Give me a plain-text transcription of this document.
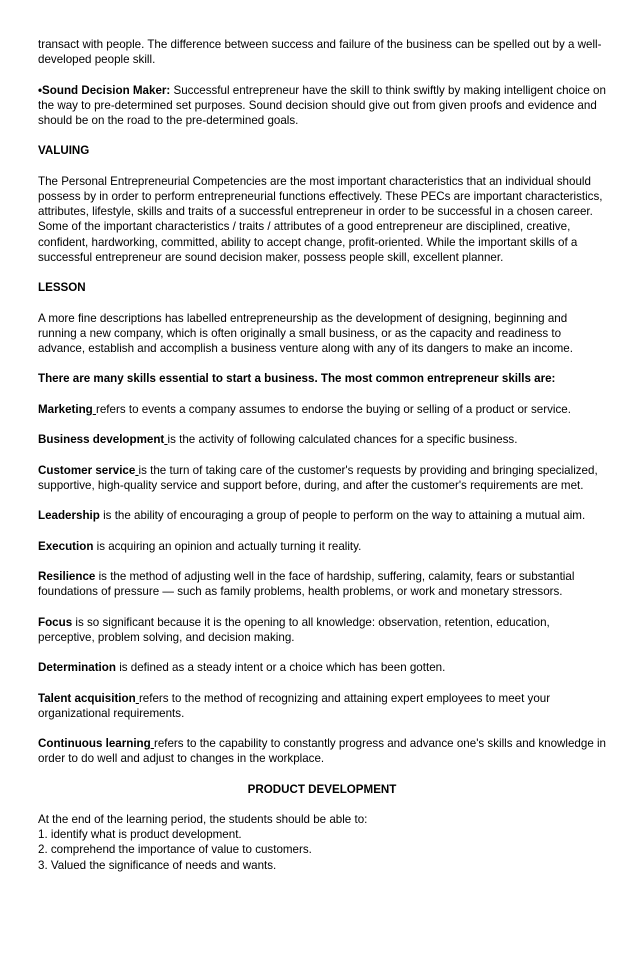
transact with people. The difference between success and failure of the business can be spelled out by a well-developed people skill.

•Sound Decision Maker: Successful entrepreneur have the skill to think swiftly by making intelligent choice on the way to pre-determined set purposes. Sound decision should give out from given proofs and evidence and should be on the road to the pre-determined goals.

VALUING

The Personal Entrepreneurial Competencies are the most important characteristics that an individual should possess by in order to perform entrepreneurial functions effectively. These PECs are important characteristics, attributes, lifestyle, skills and traits of a successful entrepreneur in order to be successful in a chosen career. Some of the important characteristics / traits / attributes of a good entrepreneur are disciplined, creative, confident, hardworking, committed, ability to accept change, profit-oriented. While the important skills of a successful entrepreneur are sound decision maker, possess people skill, excellent planner.

LESSON

A more fine descriptions has labelled entrepreneurship as the development of designing, beginning and running a new company, which is often originally a small business, or as the capacity and readiness to advance, establish and accomplish a business venture along with any of its dangers to make an income.

There are many skills essential to start a business. The most common entrepreneur skills are:

Marketing refers to events a company assumes to endorse the buying or selling of a product or service.

Business development is the activity of following calculated chances for a specific business.

Customer service is the turn of taking care of the customer's requests by providing and bringing specialized, supportive, high-quality service and support before, during, and after the customer's requirements are met.

Leadership is the ability of encouraging a group of people to perform on the way to attaining a mutual aim.

Execution is acquiring an opinion and actually turning it reality.

Resilience is the method of adjusting well in the face of hardship, suffering, calamity, fears or substantial foundations of pressure — such as family problems, health problems, or work and monetary stressors.

Focus is so significant because it is the opening to all knowledge: observation, retention, education, perceptive, problem solving, and decision making.

Determination is defined as a steady intent or a choice which has been gotten.

Talent acquisition refers to the method of recognizing and attaining expert employees to meet your organizational requirements.

Continuous learning refers to the capability to constantly progress and advance one's skills and knowledge in order to do well and adjust to changes in the workplace.

PRODUCT DEVELOPMENT

At the end of the learning period, the students should be able to:
1. identify what is product development.
2. comprehend the importance of value to customers.
3. Valued the significance of needs and wants.
